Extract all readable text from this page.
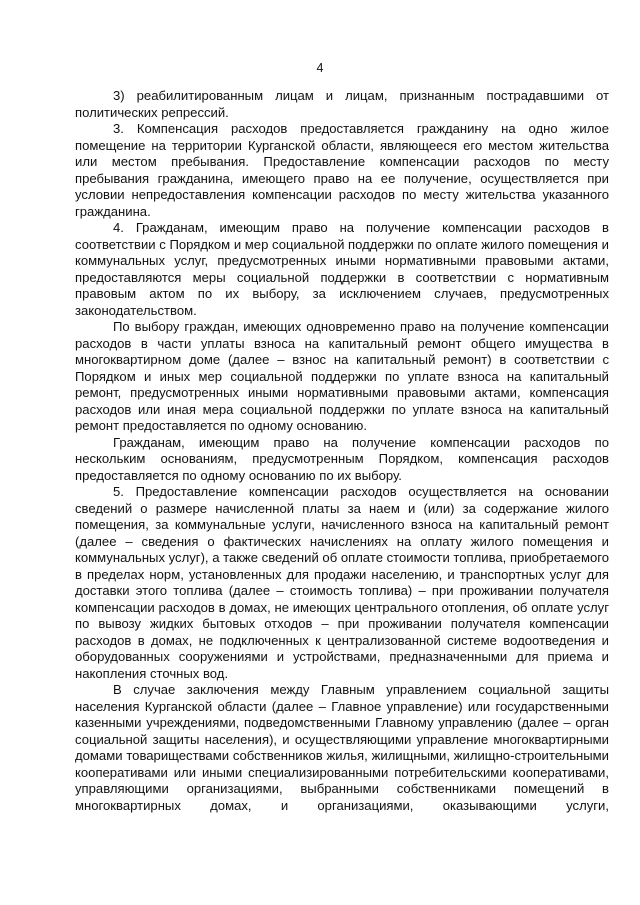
4

3) реабилитированным лицам и лицам, признанным пострадавшими от политических репрессий.

3. Компенсация расходов предоставляется гражданину на одно жилое помещение на территории Курганской области, являющееся его местом жительства или местом пребывания. Предоставление компенсации расходов по месту пребывания гражданина, имеющего право на ее получение, осуществляется при условии непредоставления компенсации расходов по месту жительства указанного гражданина.

4. Гражданам, имеющим право на получение компенсации расходов в соответствии с Порядком и мер социальной поддержки по оплате жилого помещения и коммунальных услуг, предусмотренных иными нормативными правовыми актами, предоставляются меры социальной поддержки в соответствии с нормативным правовым актом по их выбору, за исключением случаев, предусмотренных законодательством.

По выбору граждан, имеющих одновременно право на получение компенсации расходов в части уплаты взноса на капитальный ремонт общего имущества в многоквартирном доме (далее – взнос на капитальный ремонт) в соответствии с Порядком и иных мер социальной поддержки по уплате взноса на капитальный ремонт, предусмотренных иными нормативными правовыми актами, компенсация расходов или иная мера социальной поддержки по уплате взноса на капитальный ремонт предоставляется по одному основанию.

Гражданам, имеющим право на получение компенсации расходов по нескольким основаниям, предусмотренным Порядком, компенсация расходов предоставляется по одному основанию по их выбору.

5. Предоставление компенсации расходов осуществляется на основании сведений о размере начисленной платы за наем и (или) за содержание жилого помещения, за коммунальные услуги, начисленного взноса на капитальный ремонт (далее – сведения о фактических начислениях на оплату жилого помещения и коммунальных услуг), а также сведений об оплате стоимости топлива, приобретаемого в пределах норм, установленных для продажи населению, и транспортных услуг для доставки этого топлива (далее – стоимость топлива) – при проживании получателя компенсации расходов в домах, не имеющих центрального отопления, об оплате услуг по вывозу жидких бытовых отходов – при проживании получателя компенсации расходов в домах, не подключенных к централизованной системе водоотведения и оборудованных сооружениями и устройствами, предназначенными для приема и накопления сточных вод.

В случае заключения между Главным управлением социальной защиты населения Курганской области (далее – Главное управление) или государственными казенными учреждениями, подведомственными Главному управлению (далее – орган социальной защиты населения), и осуществляющими управление многоквартирными домами товариществами собственников жилья, жилищными, жилищно-строительными кооперативами или иными специализированными потребительскими кооперативами, управляющими организациями, выбранными собственниками помещений в многоквартирных домах, и организациями, оказывающими услуги,
